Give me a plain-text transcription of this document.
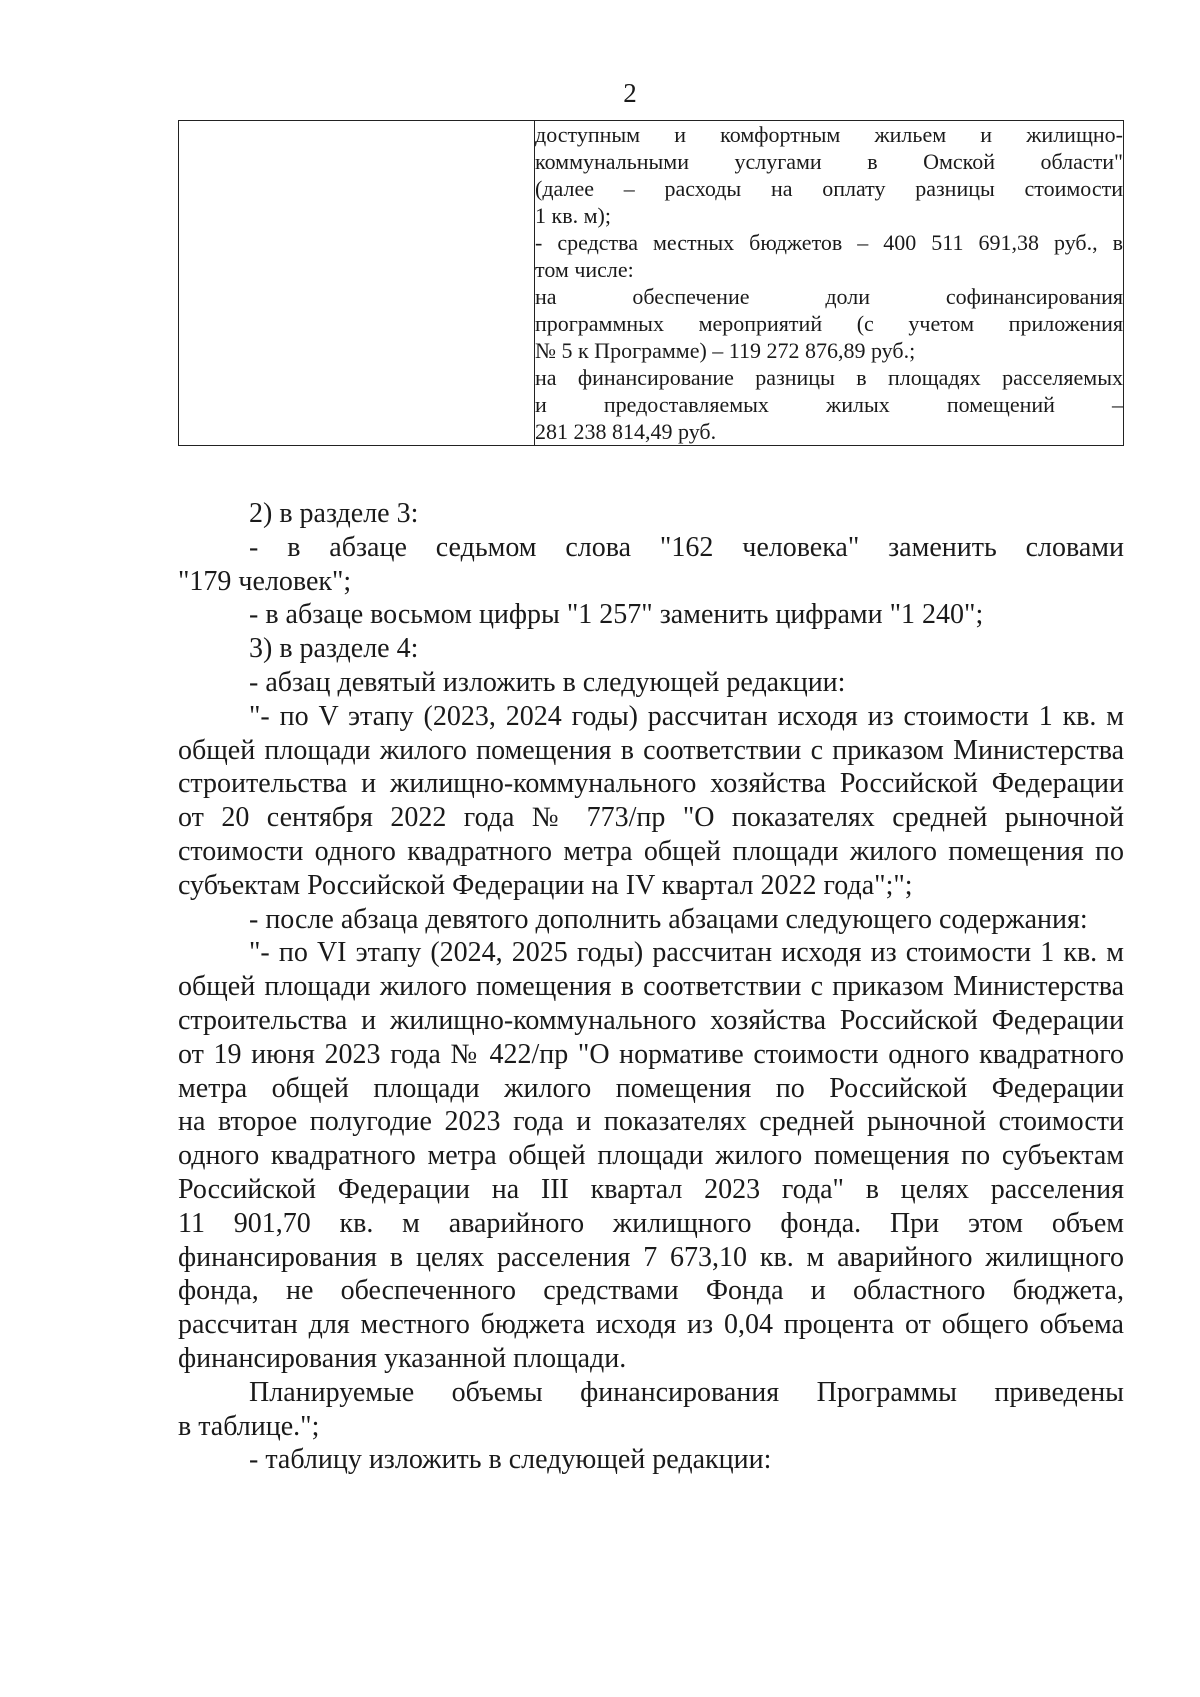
2

доступным и комфортным жильем и жилищно-
коммунальными услугами в Омской области"
(далее – расходы на оплату разницы стоимости
1 кв. м);
- средства местных бюджетов – 400 511 691,38 руб., в
том числе:
на обеспечение доли софинансирования
программных мероприятий (с учетом приложения
№ 5 к Программе) – 119 272 876,89 руб.;
на финансирование разницы в площадях расселяемых
и предоставляемых жилых помещений –
281 238 814,49 руб.
2) в разделе 3:
- в абзаце седьмом слова "162 человека" заменить словами
"179 человек";
- в абзаце восьмом цифры "1 257" заменить цифрами "1 240";
3) в разделе 4:
- абзац девятый изложить в следующей редакции:
"- по V этапу (2023, 2024 годы) рассчитан исходя из стоимости 1 кв. м
общей площади жилого помещения в соответствии с приказом Министерства
строительства и жилищно-коммунального хозяйства Российской Федерации
от 20 сентября 2022 года № 773/пр "О показателях средней рыночной
стоимости одного квадратного метра общей площади жилого помещения по
субъектам Российской Федерации на IV квартал 2022 года";";
- после абзаца девятого дополнить абзацами следующего содержания:
"- по VI этапу (2024, 2025 годы) рассчитан исходя из стоимости 1 кв. м
общей площади жилого помещения в соответствии с приказом Министерства
строительства и жилищно-коммунального хозяйства Российской Федерации
от 19 июня 2023 года № 422/пр "О нормативе стоимости одного квадратного
метра общей площади жилого помещения по Российской Федерации
на второе полугодие 2023 года и показателях средней рыночной стоимости
одного квадратного метра общей площади жилого помещения по субъектам
Российской Федерации на III квартал 2023 года" в целях расселения
11 901,70 кв. м аварийного жилищного фонда. При этом объем
финансирования в целях расселения 7 673,10 кв. м аварийного жилищного
фонда, не обеспеченного средствами Фонда и областного бюджета,
рассчитан для местного бюджета исходя из 0,04 процента от общего объема
финансирования указанной площади.
Планируемые объемы финансирования Программы приведены
в таблице.";
- таблицу изложить в следующей редакции:
